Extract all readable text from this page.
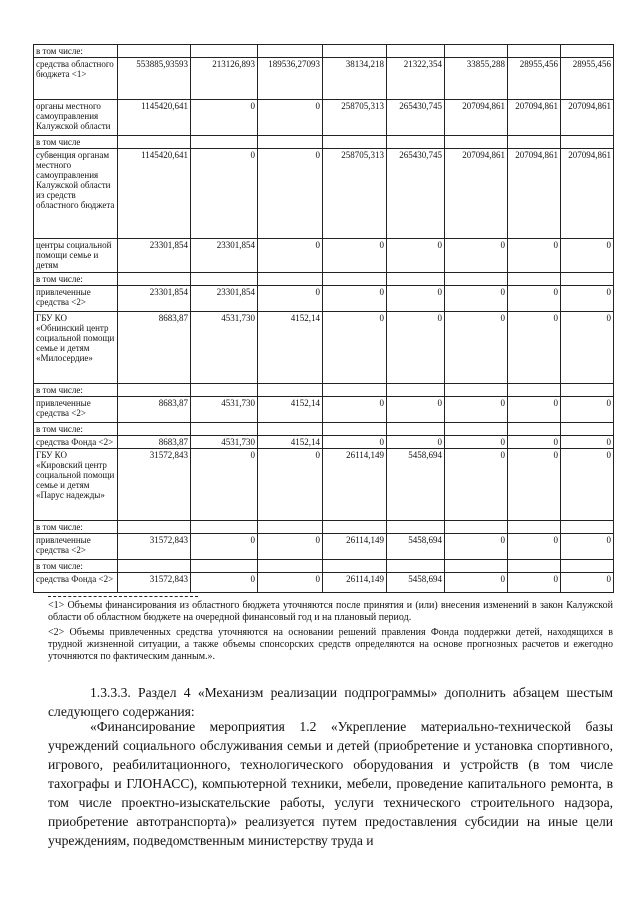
в том числе:								
средства областного бюджета <1>	553885,93593	213126,893	189536,27093	38134,218	21322,354	33855,288	28955,456	28955,456
органы местного самоуправления Калужской области	1145420,641	0	0	258705,313	265430,745	207094,861	207094,861	207094,861
в том числе								
субвенция органам местного самоуправления Калужской области из средств областного бюджета	1145420,641	0	0	258705,313	265430,745	207094,861	207094,861	207094,861
центры социальной помощи семье и детям	23301,854	23301,854	0	0	0	0	0	0
в том числе:								
привлеченные средства <2>	23301,854	23301,854	0	0	0	0	0	0
ГБУ КО «Обнинский центр социальной помощи семье и детям «Милосердие»	8683,87	4531,730	4152,14	0	0	0	0	0
в том числе:								
привлеченные средства <2>	8683,87	4531,730	4152,14	0	0	0	0	0
в том числе:								
средства Фонда <2>	8683,87	4531,730	4152,14	0	0	0	0	0
ГБУ КО «Кировский центр социальной помощи семье и детям «Парус надежды»	31572,843	0	0	26114,149	5458,694	0	0	0
в том числе:								
привлеченные средства <2>	31572,843	0	0	26114,149	5458,694	0	0	0
в том числе:								
средства Фонда <2>	31572,843	0	0	26114,149	5458,694	0	0	0
<1> Объемы финансирования из областного бюджета уточняются после принятия и (или) внесения изменений в закон Калужской области об областном бюджете на очередной финансовый год и на плановый период.
<2> Объемы привлеченных средства уточняются на основании решений правления Фонда поддержки детей, находящихся в трудной жизненной ситуации, а также объемы спонсорских средств определяются на основе прогнозных расчетов и ежегодно уточняются по фактическим данным.».
1.3.3.3. Раздел 4 «Механизм реализации подпрограммы» дополнить абзацем шестым следующего содержания:
«Финансирование мероприятия 1.2 «Укрепление материально-технической базы учреждений социального обслуживания семьи и детей (приобретение и установка спортивного, игрового, реабилитационного, технологического оборудования и устройств (в том числе тахографы и ГЛОНАСС), компьютерной техники, мебели, проведение капитального ремонта, в том числе проектно-изыскательские работы, услуги технического строительного надзора, приобретение автотранспорта)» реализуется путем предоставления субсидии на иные цели учреждениям, подведомственным министерству труда и
